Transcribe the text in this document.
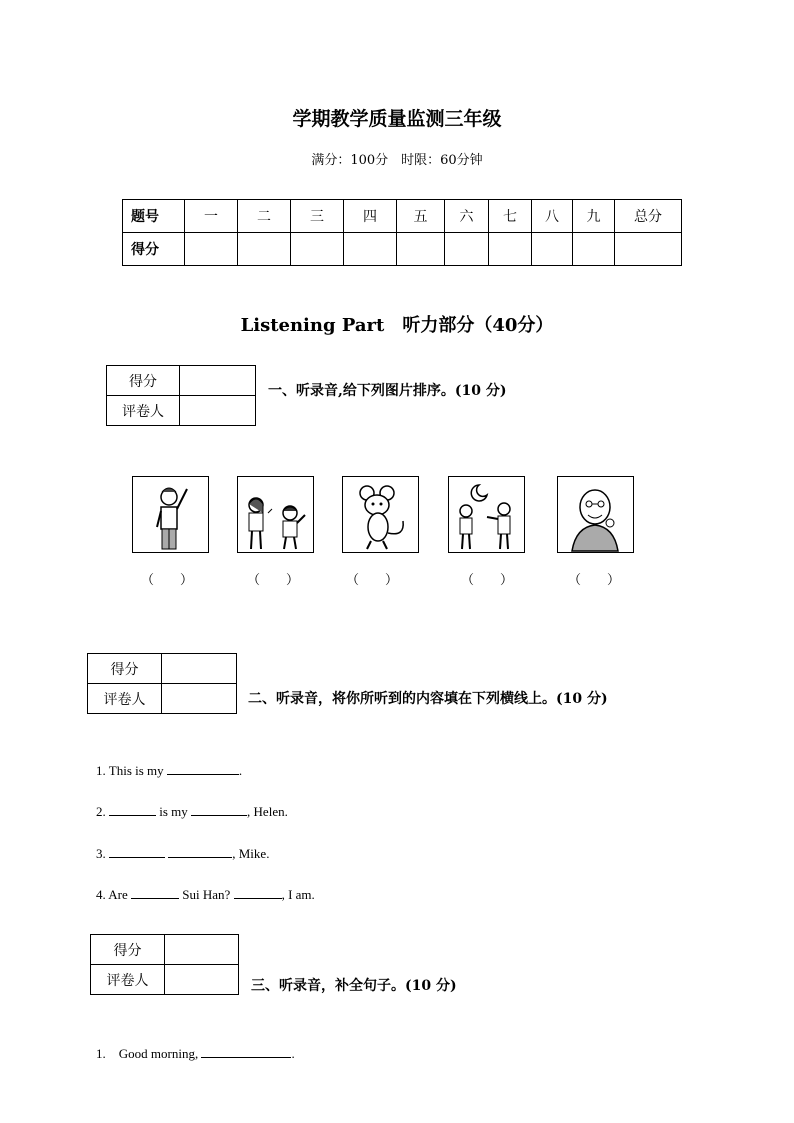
学期教学质量监测三年级
满分：100分　时限：60分钟
题号	一	二	三	四	五	六	七	八	九	总分
得分										
Listening Part　听力部分（40分）
得分	
评卷人	
一、听录音,给下列图片排序。(10 分)
（　　）	（　　）	（　　）	（　　）	（　　）
得分	
评卷人		二、听录音，将你所听到的内容填在下列横线上。(10 分)
1. This is my	.
2.	is my	, Helen.
3.	, Mike.
4. Are	Sui Han?	, I am.
得分	
评卷人		三、听录音，补全句子。(10 分)
1.    Good morning,	.
